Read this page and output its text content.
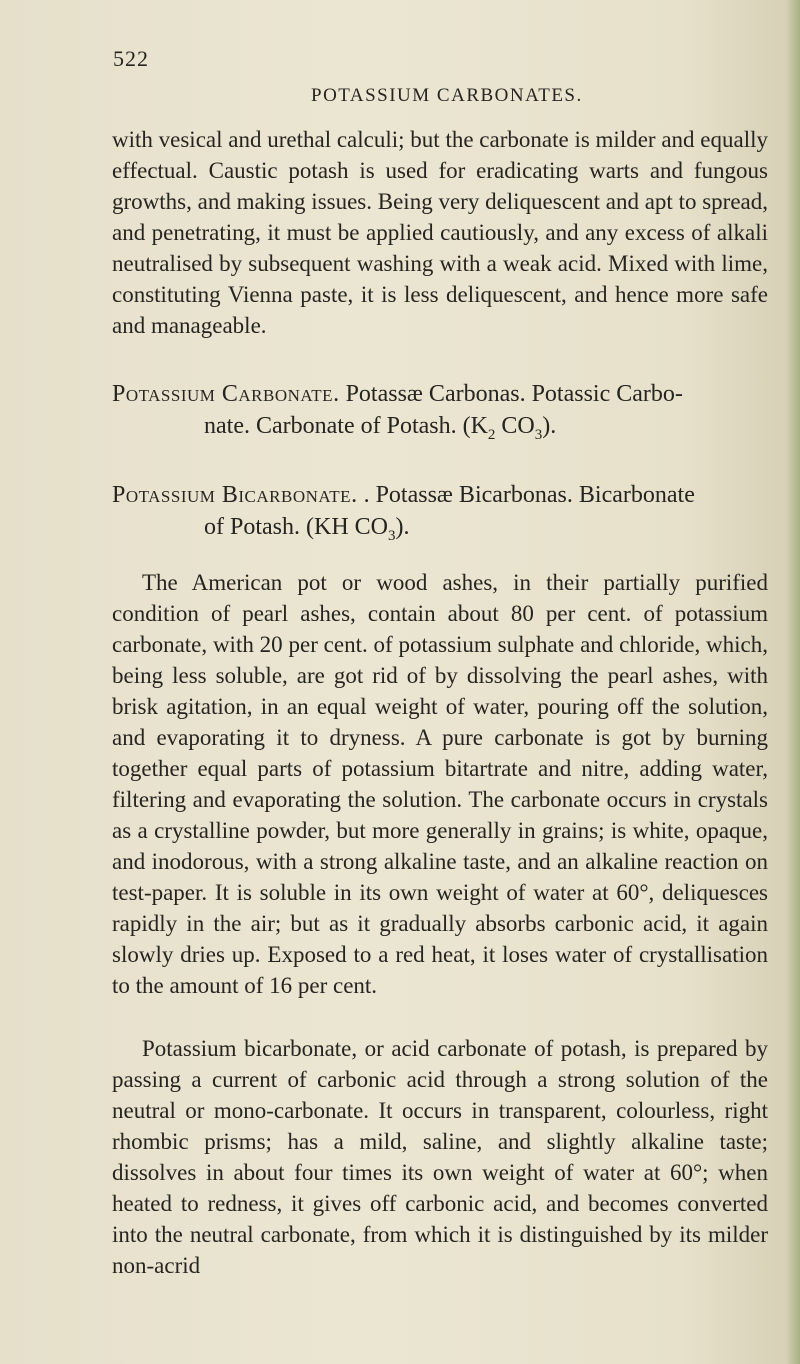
522
POTASSIUM CARBONATES.

with vesical and urethal calculi; but the carbonate is milder and equally effectual. Caustic potash is used for eradicating warts and fungous growths, and making issues. Being very deliquescent and apt to spread, and penetrating, it must be applied cautiously, and any excess of alkali neutralised by subsequent washing with a weak acid. Mixed with lime, constituting Vienna paste, it is less deliquescent, and hence more safe and manageable.

Potassium Carbonate. Potassæ Carbonas. Potassic Carbo-
nate. Carbonate of Potash. ($K_2$ $CO_3$).
Potassium Bicarbonate. . Potassæ Bicarbonas. Bicarbonate
of Potash. (KH $CO_3$).

The American pot or wood ashes, in their partially purified condition of pearl ashes, contain about 80 per cent. of potassium carbonate, with 20 per cent. of potassium sulphate and chloride, which, being less soluble, are got rid of by dissolving the pearl ashes, with brisk agitation, in an equal weight of water, pouring off the solution, and evaporating it to dryness. A pure carbonate is got by burning together equal parts of potassium bitartrate and nitre, adding water, filtering and evaporating the solution. The carbonate occurs in crystals as a crystalline powder, but more generally in grains; is white, opaque, and inodorous, with a strong alkaline taste, and an alkaline reaction on test-paper. It is soluble in its own weight of water at 60°, deliquesces rapidly in the air; but as it gradually absorbs carbonic acid, it again slowly dries up. Exposed to a red heat, it loses water of crystallisation to the amount of 16 per cent.

Potassium bicarbonate, or acid carbonate of potash, is prepared by passing a current of carbonic acid through a strong solution of the neutral or mono-carbonate. It occurs in transparent, colourless, right rhombic prisms; has a mild, saline, and slightly alkaline taste; dissolves in about four times its own weight of water at 60°; when heated to redness, it gives off carbonic acid, and becomes converted into the neutral carbonate, from which it is distinguished by its milder non-acrid
